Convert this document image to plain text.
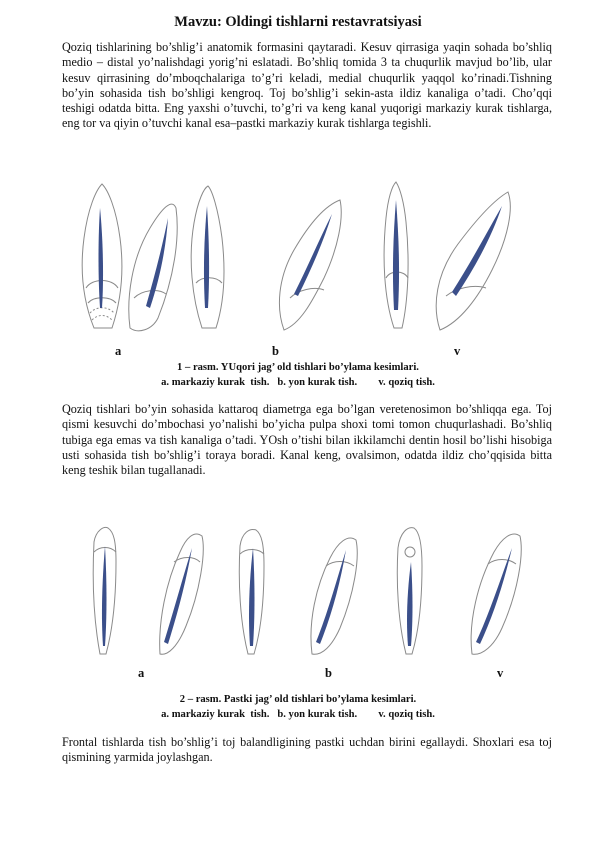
Mavzu: Oldingi tishlarni restavratsiyasi

Qoziq tishlarining bo’shlig’i anatomik formasini qaytaradi. Kesuv qirrasiga yaqin sohada bo’shliq medio – distal yo’nalishdagi yorig’ni eslatadi. Bo’shliq tomida 3 ta chuqurlik mavjud bo’lib, ular kesuv qirrasining do’mboqchalariga to’g’ri keladi, medial chuqurlik yaqqol ko’rinadi.Tishning bo’yin sohasida tish bo’shligi kengroq. Toj bo’shlig’i sekin-asta ildiz kanaliga o’tadi. Cho’qqi teshigi odatda bitta. Eng yaxshi o’tuvchi, to’g’ri va keng kanal yuqorigi markaziy kurak tishlarga, eng tor va qiyin o’tuvchi kanal esa–pastki markaziy kurak tishlarga tegishli.

a	b	v
1 – rasm. YUqori jag’ old tishlari bo’ylama kesimlari.
a. markaziy kurak  tish.   b. yon kurak tish.        v. qoziq tish.

Qoziq tishlari bo’yin sohasida kattaroq diametrga ega bo’lgan veretenosimon bo’shliqqa ega. Toj qismi kesuvchi do’mbochasi yo’nalishi bo’yicha pulpa shoxi tomi tomon chuqurlashadi. Bo’shliq tubiga ega emas va tish kanaliga o’tadi. YOsh o’tishi bilan ikkilamchi dentin hosil bo’lishi hisobiga usti sohasida tish bo’shlig’i toraya boradi. Kanal keng, ovalsimon, odatda ildiz cho’qqisida bitta keng teshik bilan tugallanadi.

a	b	v
2 – rasm. Pastki jag’ old tishlari bo’ylama kesimlari.
a. markaziy kurak  tish.   b. yon kurak tish.        v. qoziq tish.

Frontal tishlarda tish bo’shlig’i toj balandligining pastki uchdan birini egallaydi. Shoxlari esa toj qismining yarmida joylashgan.
